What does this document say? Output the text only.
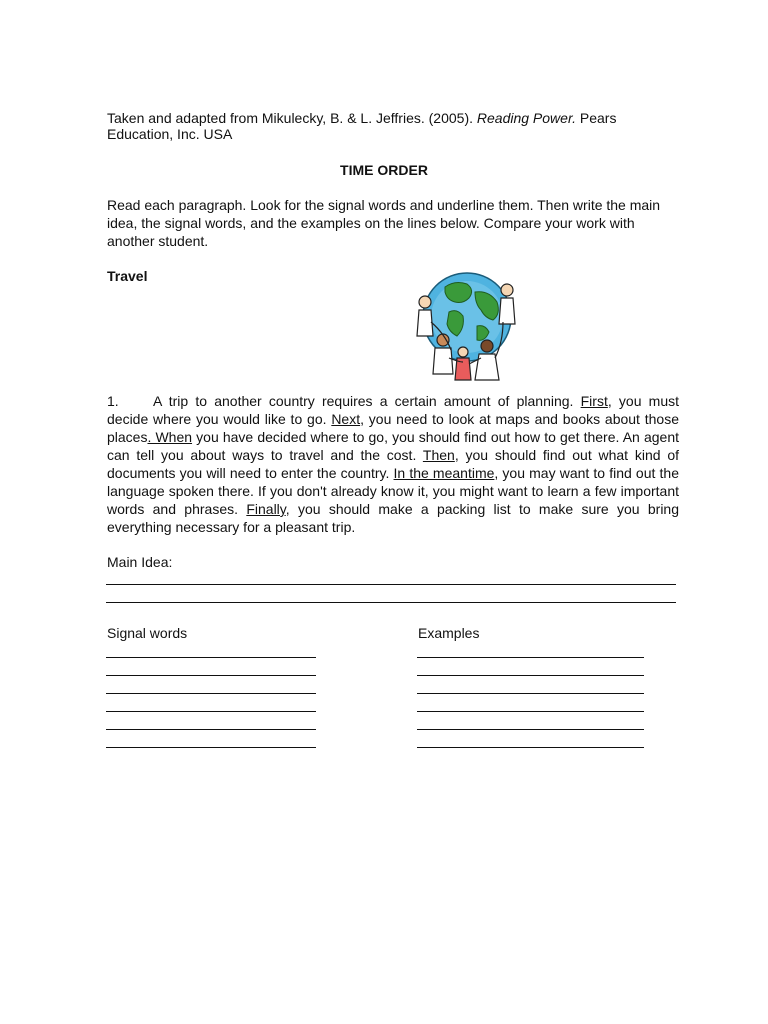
Taken and adapted from Mikulecky, B. & L. Jeffries. (2005). Reading Power. Pears Education, Inc. USA
TIME ORDER
Read each paragraph. Look for the signal words and underline them. Then write the main idea, the signal words, and the examples on the lines below. Compare your work with another student.
Travel
1. A trip to another country requires a certain amount of planning. First, you must decide where you would like to go. Next, you need to look at maps and books about those places. When you have decided where to go, you should find out how to get there. An agent can tell you about ways to travel and the cost. Then, you should find out what kind of documents you will need to enter the country. In the meantime, you may want to find out the language spoken there. If you don't already know it, you might want to learn a few important words and phrases. Finally, you should make a packing list to make sure you bring everything necessary for a pleasant trip.
Main Idea:
Signal words	Examples
